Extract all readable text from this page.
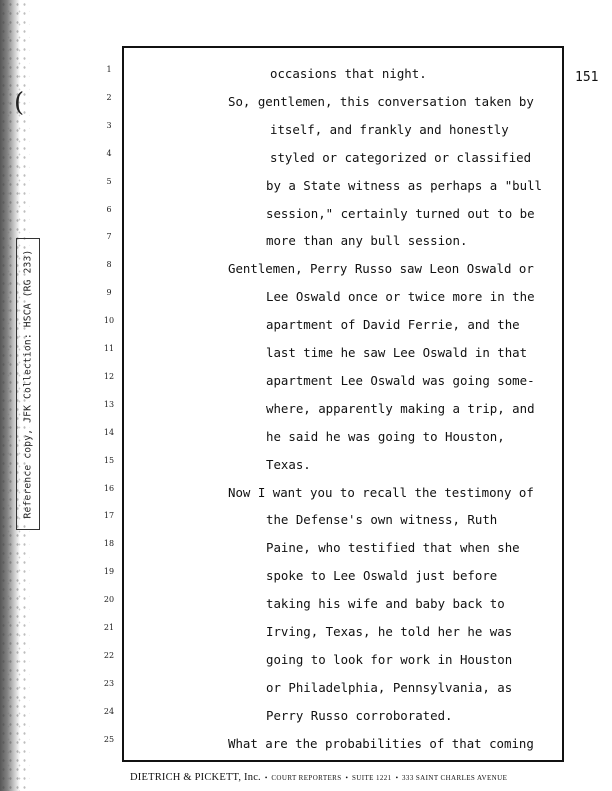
(
Reference copy, JFK Collection: HSCA (RG 233)
151
1	occasions that night.
2	So, gentlemen, this conversation taken by
3	itself, and frankly and honestly
4	styled or categorized or classified
5	by a State witness as perhaps a "bull
6	session," certainly turned out to be
7	more than any bull session.
8	Gentlemen, Perry Russo saw Leon Oswald or
9	Lee Oswald once or twice more in the
10	apartment of David Ferrie, and the
11	last time he saw Lee Oswald in that
12	apartment Lee Oswald was going some-
13	where, apparently making a trip, and
14	he said he was going to Houston,
15	Texas.
16	Now I want you to recall the testimony of
17	the Defense's own witness, Ruth
18	Paine, who testified that when she
19	spoke to Lee Oswald just before
20	taking his wife and baby back to
21	Irving, Texas, he told her he was
22	going to look for work in Houston
23	or Philadelphia, Pennsylvania, as
24	Perry Russo corroborated.
25	What are the probabilities of that coming
DIETRICH & PICKETT, Inc. • COURT REPORTERS • SUITE 1221 • 333 SAINT CHARLES AVENUE
